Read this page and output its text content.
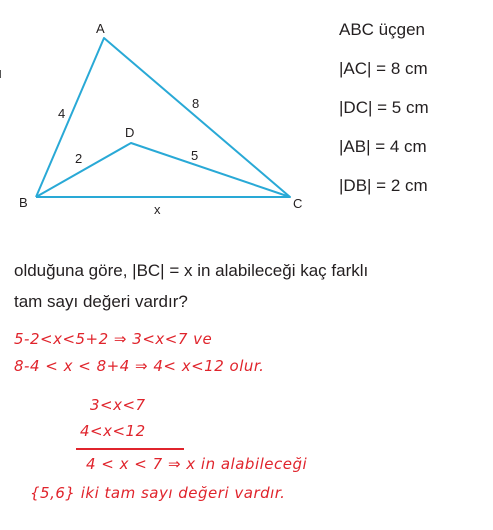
A
B	C
D
4
8
2	5
x
ABC üçgen
|AC| = 8 cm
|DC| = 5 cm
|AB| = 4 cm
|DB| = 2 cm
olduğuna göre, |BC| = x in alabileceği kaç farklı
tam sayı değeri vardır?
5-2<x<5+2 ⇒ 3<x<7 ve
8-4 < x < 8+4 ⇒ 4< x<12 olur.
3<x<7
4<x<12
4 < x < 7 ⇒ x in alabileceği
{5,6} iki tam sayı değeri vardır.
